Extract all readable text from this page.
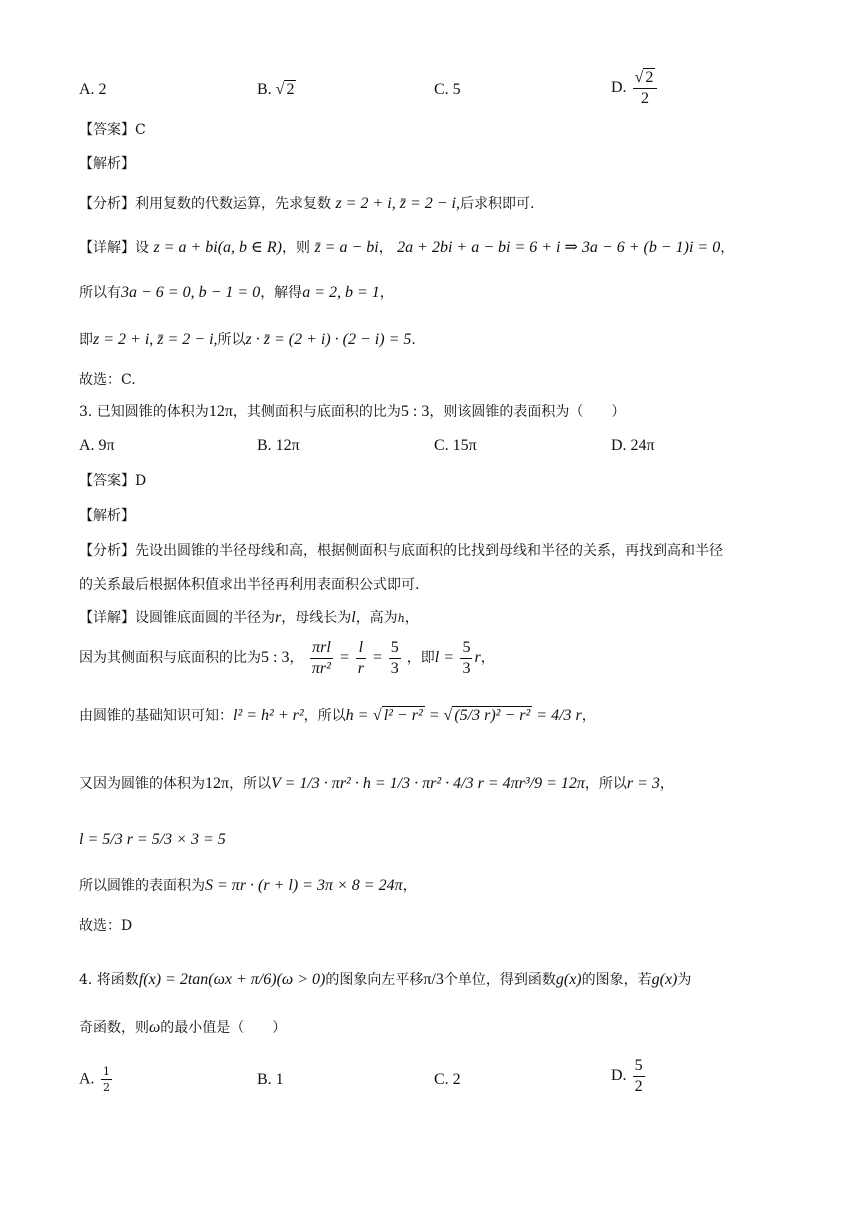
A. 2	B. √ 2	C. 5	D. $\frac{√ 2}{2}$
【答案】C
【解析】
【分析】利用复数的代数运算，先求复数 z = 2 + i, z̄ = 2 − i,后求积即可.
【详解】设 z = a + bi(a, b ∈ R)，则 z̄ = a − bi， 2a + 2bi + a − bi = 6 + i ⇒ 3a − 6 + (b − 1)i = 0，
所以有3a − 6 = 0, b − 1 = 0，解得a = 2, b = 1，
即z = 2 + i, z̄ = 2 − i,所以z · z̄ = (2 + i) · (2 − i) = 5.
故选：C.
3. 已知圆锥的体积为12π，其侧面积与底面积的比为5 : 3，则该圆锥的表面积为（　　）
A. 9π	B. 12π	C. 15π	D. 24π
【答案】D
【解析】
【分析】先设出圆锥的半径母线和高，根据侧面积与底面积的比找到母线和半径的关系，再找到高和半径
的关系最后根据体积值求出半径再利用表面积公式即可.
【详解】设圆锥底面圆的半径为r，母线长为l，高为h，
因为其侧面积与底面积的比为5 : 3， $\frac{\text{πrl}}{\text{πr²}} = \frac{l}{r} = \frac{5}{3}$ ，即$l = \frac{5}{3}$ r，
由圆锥的基础知识可知：l² = h² + r²，所以h = √ l² − r² = √ (5/3 r)² − r² = 4/3 r，
又因为圆锥的体积为12π，所以V = 1/3 · πr² · h = 1/3 · πr² · 4/3 r = 4πr³/9 = 12π，所以r = 3，
l = 5/3 r = 5/3 × 3 = 5
所以圆锥的表面积为S = πr · (r + l) = 3π × 8 = 24π，
故选：D
4. 将函数f(x) = 2tan(ωx + π/6)(ω > 0)的图象向左平移π/3个单位，得到函数g(x)的图象，若g(x)为
奇函数，则ω的最小值是（　　）
A. $\frac{1}{2}$	B. 1	C. 2	D. $\frac{5}{2}$
